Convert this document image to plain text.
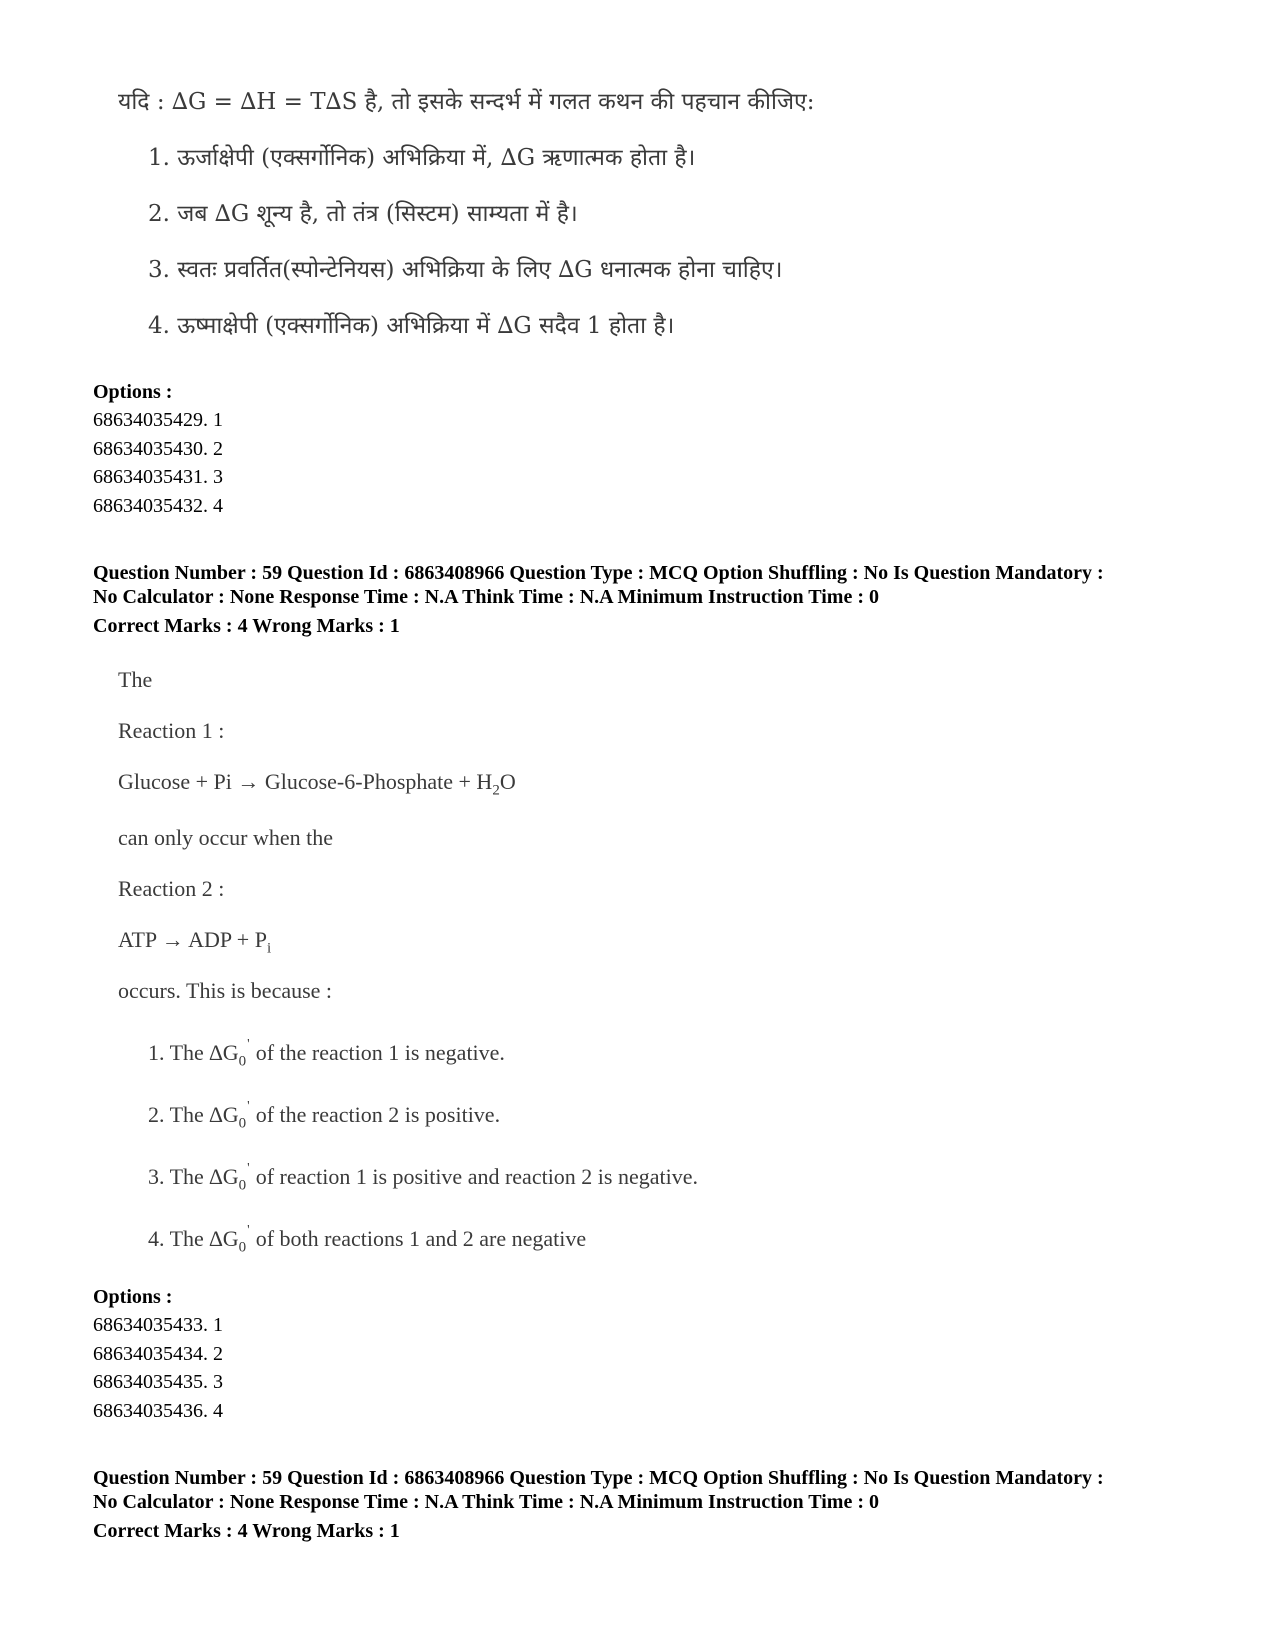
यदि : ∆G = ∆H = T∆S है, तो इसके सन्दर्भ में गलत कथन की पहचान कीजिए:
1. ऊर्जाक्षेपी (एक्सर्गोनिक) अभिक्रिया में, ∆G ऋणात्मक होता है।
2. जब ∆G शून्य है, तो तंत्र (सिस्टम) साम्यता में है।
3. स्वतः प्रवर्तित(स्पोन्टेनियस) अभिक्रिया के लिए ∆G धनात्मक होना चाहिए।
4. ऊष्माक्षेपी (एक्सर्गोनिक) अभिक्रिया में ∆G सदैव 1 होता है।
Options :
68634035429. 1
68634035430. 2
68634035431. 3
68634035432. 4
Question Number : 59 Question Id : 6863408966 Question Type : MCQ Option Shuffling : No Is Question Mandatory :
No Calculator : None Response Time : N.A Think Time : N.A Minimum Instruction Time : 0
Correct Marks : 4 Wrong Marks : 1
The
Reaction 1 :
Glucose + Pi → Glucose-6-Phosphate + $H_2O$
can only occur when the
Reaction 2 :
ATP → ADP + $P_i$
occurs. This is because :
1. The $\Delta G_0'$ of the reaction 1 is negative.
2. The $\Delta G_0'$ of the reaction 2 is positive.
3. The $\Delta G_0'$ of reaction 1 is positive and reaction 2 is negative.
4. The $\Delta G_0'$ of both reactions 1 and 2 are negative
Options :
68634035433. 1
68634035434. 2
68634035435. 3
68634035436. 4
Question Number : 59 Question Id : 6863408966 Question Type : MCQ Option Shuffling : No Is Question Mandatory :
No Calculator : None Response Time : N.A Think Time : N.A Minimum Instruction Time : 0
Correct Marks : 4 Wrong Marks : 1
